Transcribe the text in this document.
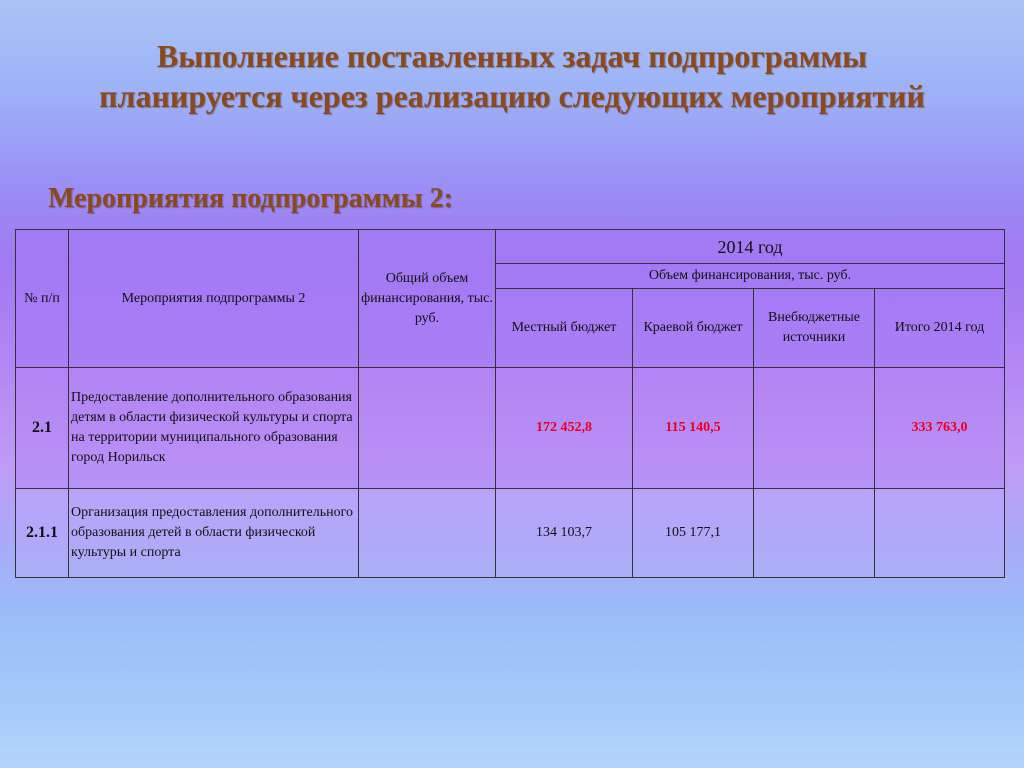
Выполнение поставленных задач подпрограммы планируется через реализацию следующих мероприятий
Мероприятия подпрограммы 2:
№ п/п	Мероприятия подпрограммы 2	Общий объем финансирования, тыс. руб.	2014 год			
			Объем финансирования, тыс. руб.			
			Местный бюджет	Краевой бюджет	Внебюджетные источники	Итого 2014 год
2.1	Предоставление дополнительного образования детям в области физической культуры и спорта на территории муниципального образования город Норильск		172 452,8	115 140,5		333 763,0
2.1.1	Организация предоставления дополнительного образования детей в области физической культуры и спорта		134 103,7	105 177,1		
